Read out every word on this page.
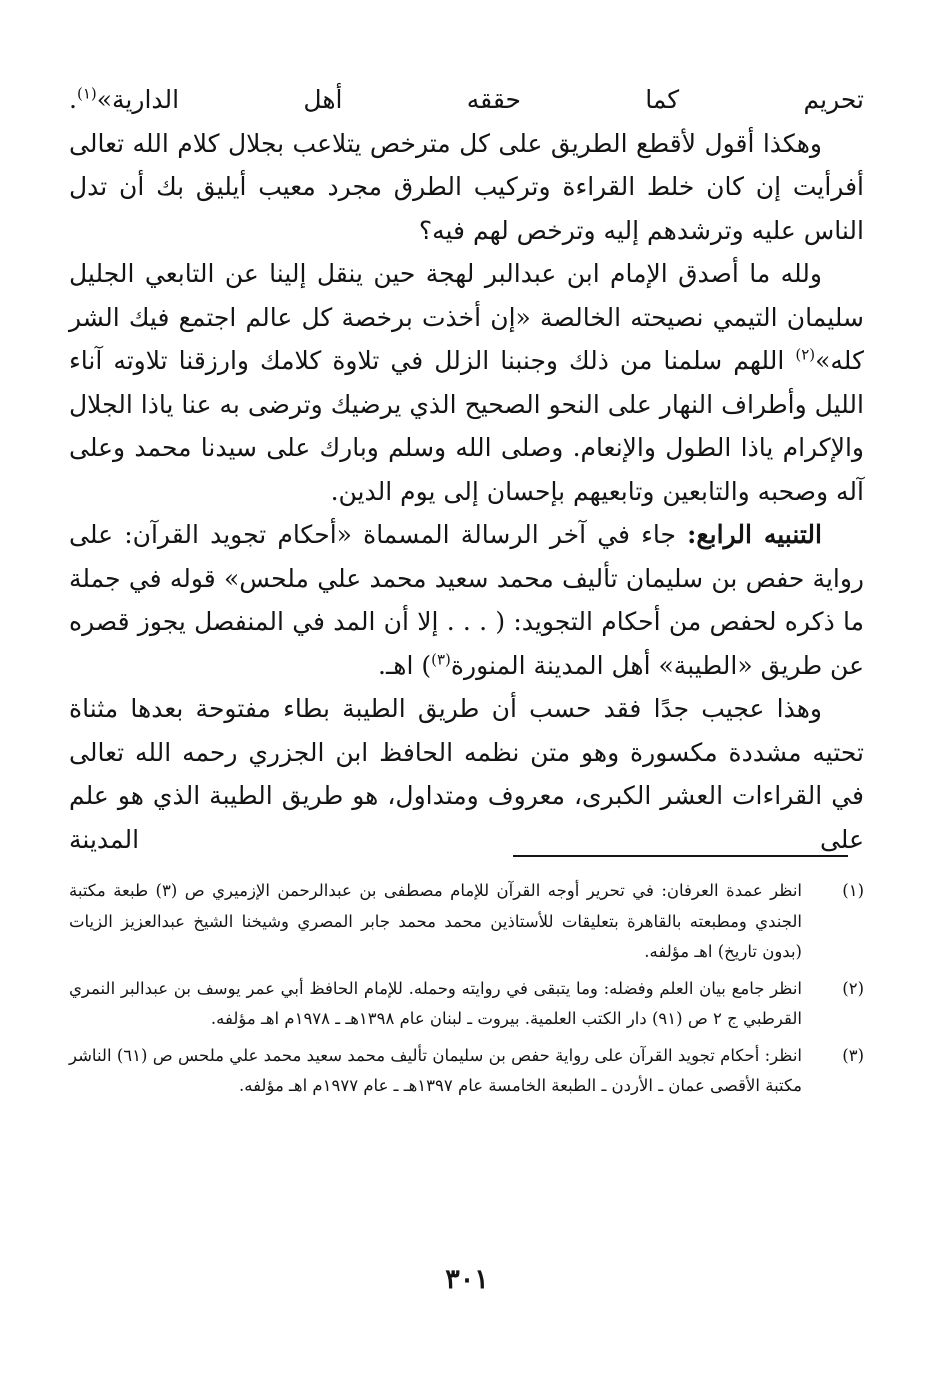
تحريم كما حققه أهل الدارية»$^{(١)}$.

وهكذا أقول لأقطع الطريق على كل مترخص يتلاعب بجلال كلام الله تعالى أفرأيت إن كان خلط القراءة وتركيب الطرق مجرد معيب أيليق بك أن تدل الناس عليه وترشدهم إليه وترخص لهم فيه؟

ولله ما أصدق الإمام ابن عبدالبر لهجة حين ينقل إلينا عن التابعي الجليل سليمان التيمي نصيحته الخالصة «إن أخذت برخصة كل عالم اجتمع فيك الشر كله»$^{(٢)}$ اللهم سلمنا من ذلك وجنبنا الزلل في تلاوة كلامك وارزقنا تلاوته آناء الليل وأطراف النهار على النحو الصحيح الذي يرضيك وترضى به عنا ياذا الجلال والإكرام ياذا الطول والإنعام. وصلى الله وسلم وبارك على سيدنا محمد وعلى آله وصحبه والتابعين وتابعيهم بإحسان إلى يوم الدين.

التنبيه الرابع: جاء في آخر الرسالة المسماة «أحكام تجويد القرآن: على رواية حفص بن سليمان تأليف محمد سعيد محمد علي ملحس» قوله في جملة ما ذكره لحفص من أحكام التجويد: ( . . . إلا أن المد في المنفصل يجوز قصره عن طريق «الطيبة» أهل المدينة المنورة$^{(٣)}$) اهـ.

وهذا عجيب جدًا فقد حسب أن طريق الطيبة بطاء مفتوحة بعدها مثناة تحتيه مشددة مكسورة وهو متن نظمه الحافظ ابن الجزري رحمه الله تعالى في القراءات العشر الكبرى، معروف ومتداول، هو طريق الطيبة الذي هو علم على المدينة

(١)
انظر عمدة العرفان: في تحرير أوجه القرآن للإمام مصطفى بن عبدالرحمن الإزميري ص (٣) طبعة مكتبة الجندي ومطبعته بالقاهرة بتعليقات للأستاذين محمد محمد جابر المصري وشيخنا الشيخ عبدالعزيز الزيات (بدون تاريخ) اهـ مؤلفه.
(٢)
انظر جامع بيان العلم وفضله: وما يتبقى في روايته وحمله. للإمام الحافظ أبي عمر يوسف بن عبدالبر النمري القرطبي ج ٢ ص (٩١) دار الكتب العلمية. بيروت ـ لبنان عام ١٣٩٨هـ ـ ١٩٧٨م اهـ مؤلفه.
(٣)
انظر: أحكام تجويد القرآن على رواية حفص بن سليمان تأليف محمد سعيد محمد علي ملحس ص (٦١) الناشر مكتبة الأقصى عمان ـ الأردن ـ الطبعة الخامسة عام ١٣٩٧هـ ـ عام ١٩٧٧م اهـ مؤلفه.
٣٠١
